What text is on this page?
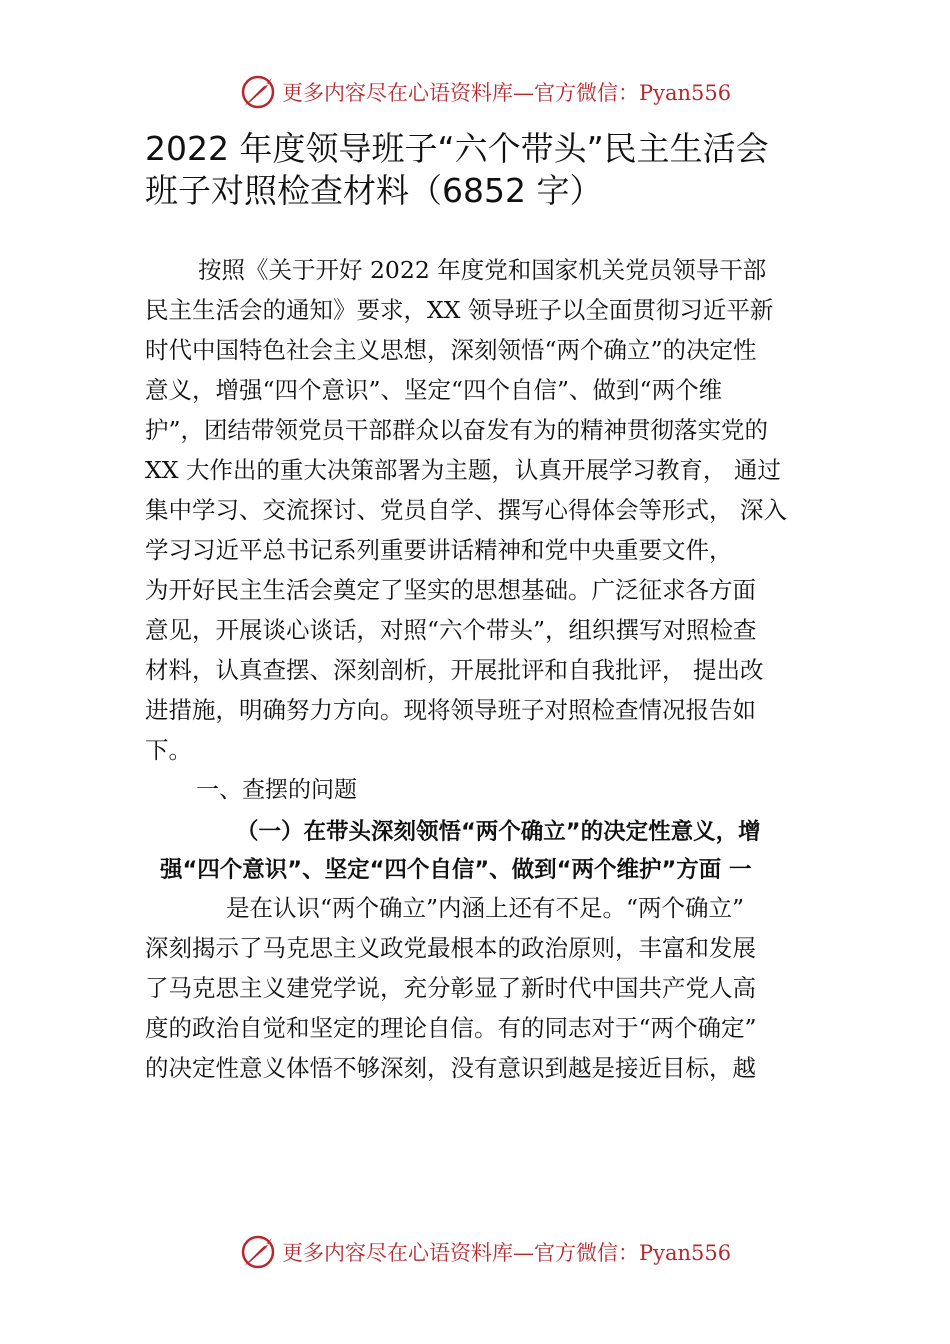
更多内容尽在心语资料库—官方微信：Pyan556
2022 年度领导班子“六个带头”民主生活会
班子对照检查材料（6852 字）
按照《关于开好 2022 年度党和国家机关党员领导干部
民主生活会的通知》要求，XX 领导班子以全面贯彻习近平新
时代中国特色社会主义思想，深刻领悟“两个确立”的决定性
意义，增强“四个意识”、坚定“四个自信”、做到“两个维
护”，团结带领党员干部群众以奋发有为的精神贯彻落实党的
XX 大作出的重大决策部署为主题，认真开展学习教育， 通过
集中学习、交流探讨、党员自学、撰写心得体会等形式， 深入
学习习近平总书记系列重要讲话精神和党中央重要文件，
为开好民主生活会奠定了坚实的思想基础。广泛征求各方面
意见，开展谈心谈话，对照“六个带头”，组织撰写对照检查
材料，认真查摆、深刻剖析，开展批评和自我批评， 提出改
进措施，明确努力方向。现将领导班子对照检查情况报告如
下。
一、查摆的问题
（一）在带头深刻领悟“两个确立”的决定性意义，增
强“四个意识”、坚定“四个自信”、做到“两个维护”方面 一
是在认识“两个确立”内涵上还有不足。“两个确立”
深刻揭示了马克思主义政党最根本的政治原则，丰富和发展
了马克思主义建党学说，充分彰显了新时代中国共产党人高
度的政治自觉和坚定的理论自信。有的同志对于“两个确定”
的决定性意义体悟不够深刻，没有意识到越是接近目标，越
更多内容尽在心语资料库—官方微信：Pyan556
